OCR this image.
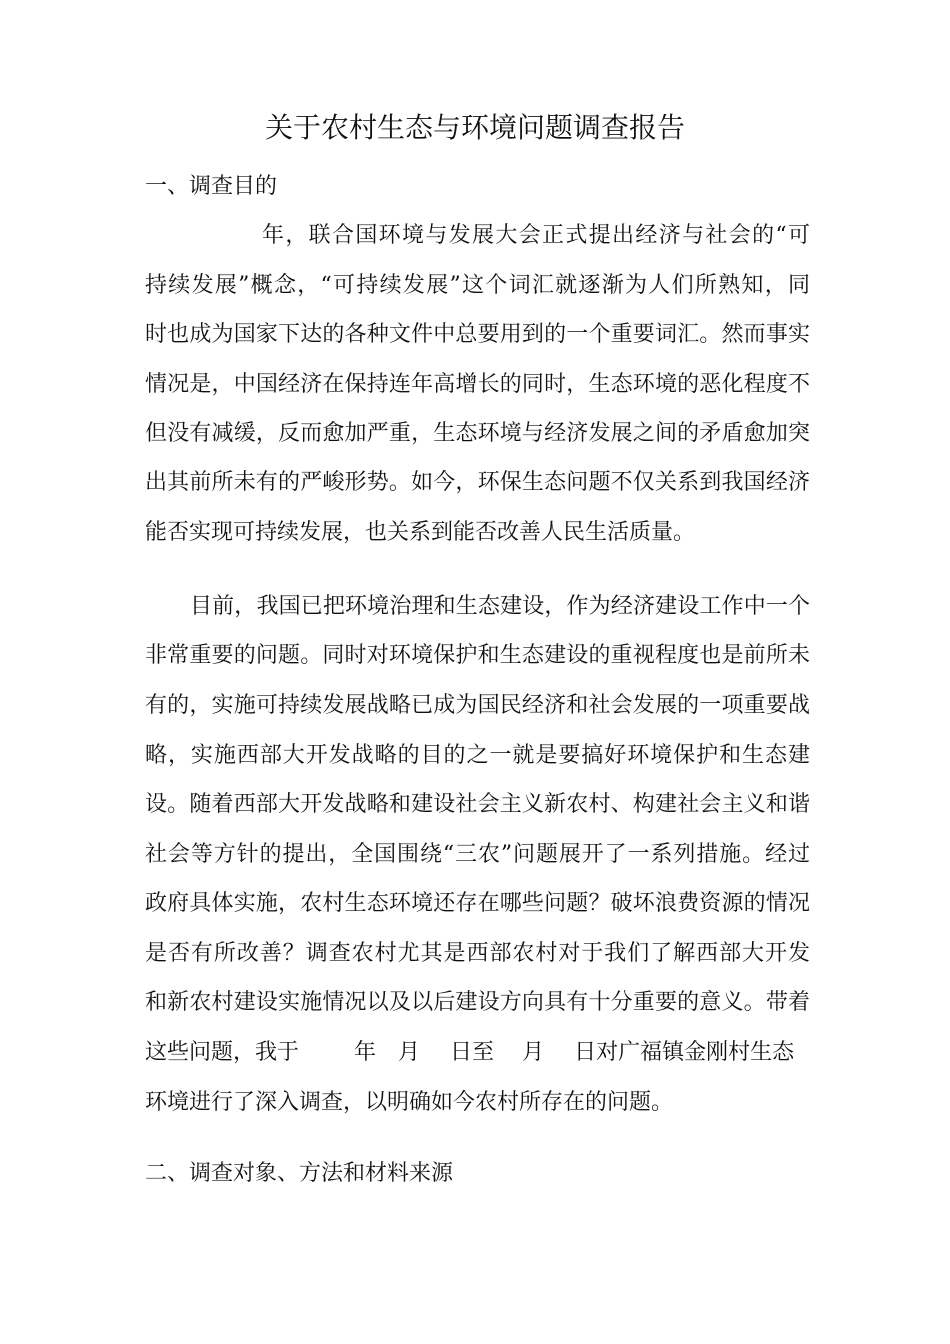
关于农村生态与环境问题调查报告
一、调查目的
年，联合国环境与发展大会正式提出经济与社会的“可
持续发展”概念，“可持续发展”这个词汇就逐渐为人们所熟知，同
时也成为国家下达的各种文件中总要用到的一个重要词汇。然而事实
情况是，中国经济在保持连年高增长的同时，生态环境的恶化程度不
但没有减缓，反而愈加严重，生态环境与经济发展之间的矛盾愈加突
出其前所未有的严峻形势。如今，环保生态问题不仅关系到我国经济
能否实现可持续发展，也关系到能否改善人民生活质量。
目前，我国已把环境治理和生态建设，作为经济建设工作中一个
非常重要的问题。同时对环境保护和生态建设的重视程度也是前所未
有的，实施可持续发展战略已成为国民经济和社会发展的一项重要战
略，实施西部大开发战略的目的之一就是要搞好环境保护和生态建
设。随着西部大开发战略和建设社会主义新农村、构建社会主义和谐
社会等方针的提出，全国围绕“三农”问题展开了一系列措施。经过
政府具体实施，农村生态环境还存在哪些问题？破坏浪费资源的情况
是否有所改善？调查农村尤其是西部农村对于我们了解西部大开发
和新农村建设实施情况以及以后建设方向具有十分重要的意义。带着
这些问题，我于	年 月 日至 月 日对广福镇金刚村生态
环境进行了深入调查，以明确如今农村所存在的问题。
二、调查对象、方法和材料来源
